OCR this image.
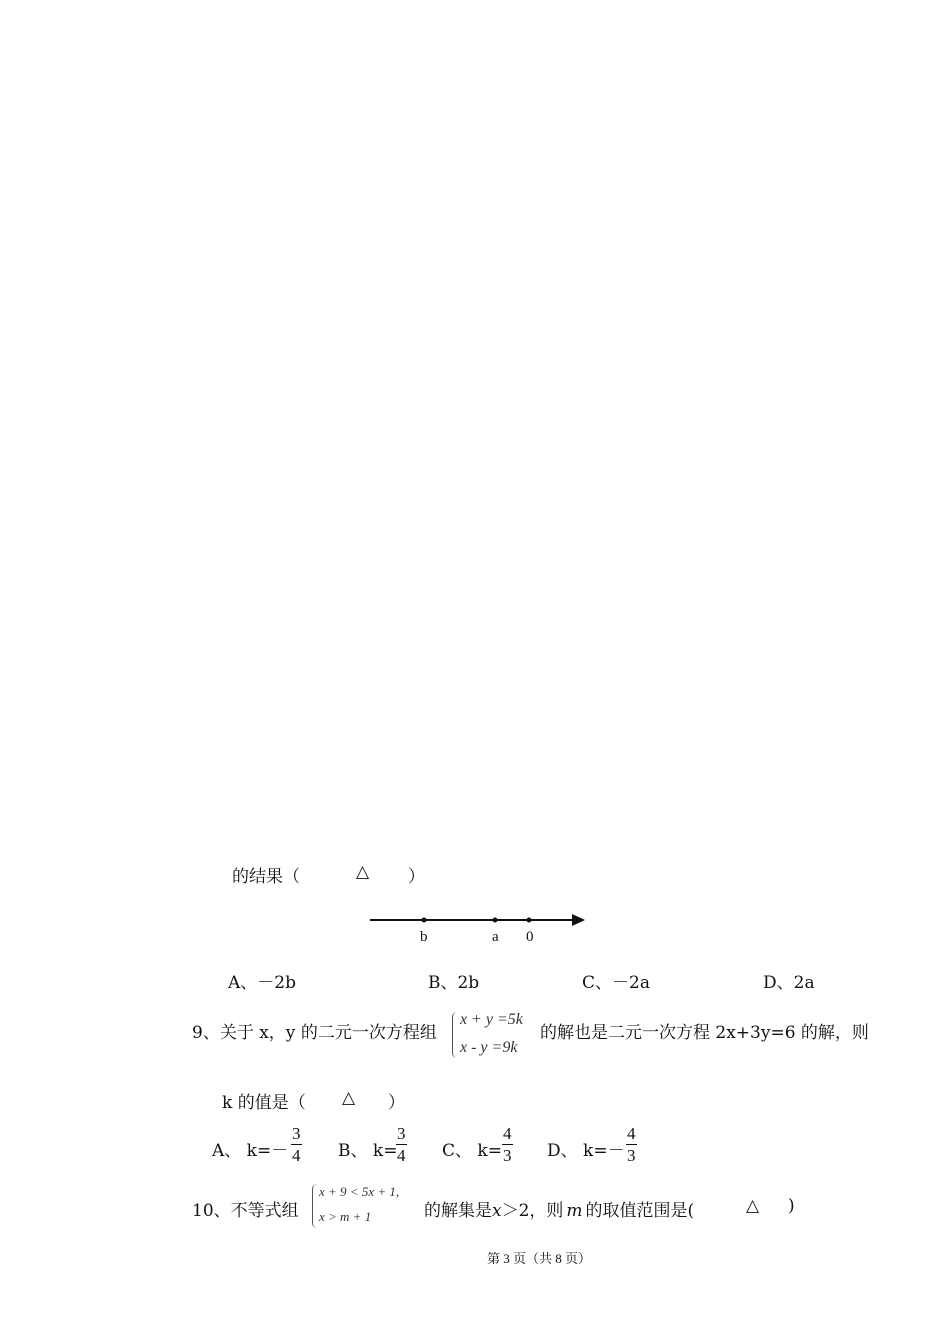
的结果（	△ ）
b	a 0
A、－2b	B、2b	C、－2a	D、2a
9、关于 x，y 的二元一次方程组
x + y =5k
x - y =9k
的解也是二元一次方程 2x+3y=6 的解，则
k 的值是（ △ ）
A、 $k=- \frac{3}{4}$ B、 k=
$\frac{3}{4}$ C、 $k= \frac{4}{3}$ D、 $k=- \frac{4}{3}$
10、不等式组
x + 9 < 5x + 1,
x > m + 1	的解集是x＞2，则 m 的取值范围是(	△ )
第 3 页（共 8 页）
